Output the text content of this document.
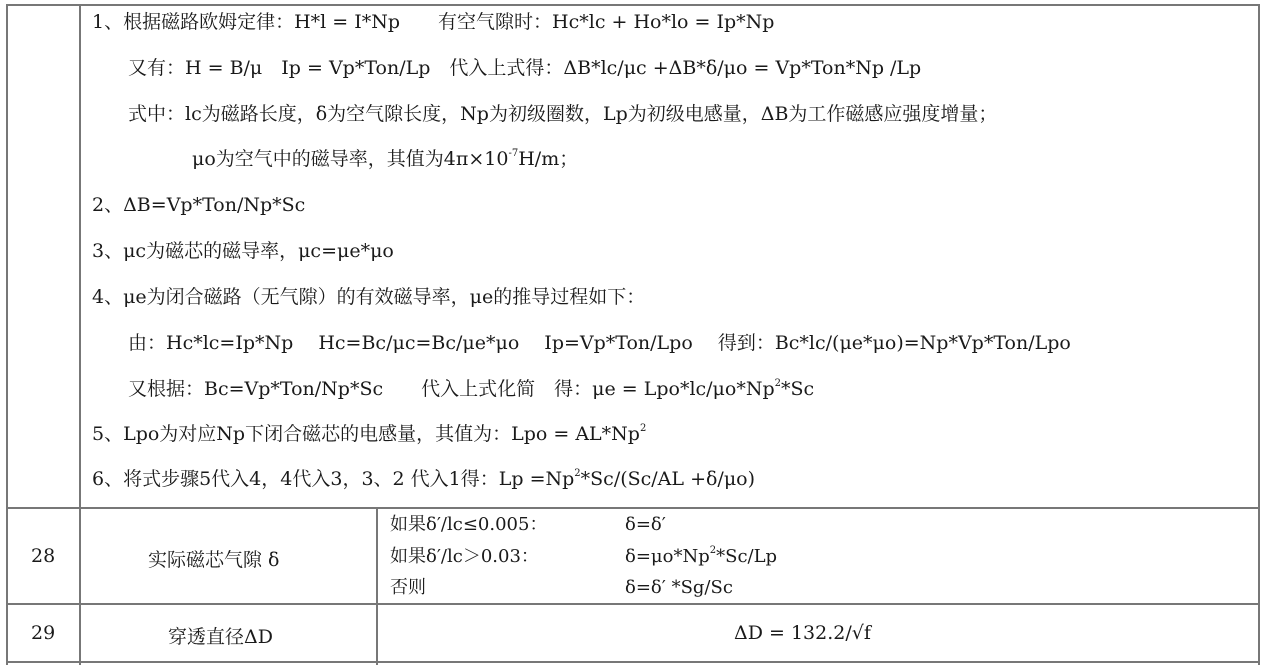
1、根据磁路欧姆定律：H*l = I*Np　　有空气隙时：Hc*lc + Ho*lo = Ip*Np
又有：H = B/μ　Ip = Vp*Ton/Lp　代入上式得：ΔB*lc/μc +ΔB*δ/μo = Vp*Ton*Np /Lp
式中：lc为磁路长度，δ为空气隙长度，Np为初级圈数，Lp为初级电感量，ΔB为工作磁感应强度增量；
μo为空气中的磁导率，其值为$4\pi\times 10^{-7}H/m$；
2、ΔB=Vp*Ton/Np*Sc
3、μc为磁芯的磁导率，μc=μe*μo
4、μe为闭合磁路（无气隙）的有效磁导率，μe的推导过程如下：
由：Hc*lc=Ip*Np　 Hc=Bc/μc=Bc/μe*μo　 Ip=Vp*Ton/Lpo　 得到：Bc*lc/(μe*μo)=Np*Vp*Ton/Lpo
又根据：Bc=Vp*Ton/Np*Sc　　代入上式化简　得：$\mu e = Lpo*lc/\mu o*Np^2*Sc$
5、Lpo为对应Np下闭合磁芯的电感量，其值为：Lpo = $AL*Np^2$
6、将式步骤5代入4，4代入3，3、2 代入1得：$Lp =Np^2*Sc/(Sc/AL +\delta/\mu o)$
28	实际磁芯气隙 δ
如果δ′/lc≤0.005：	δ=δ′
如果δ′/lc＞0.03：	$\delta=\mu o*Np^2*Sc/Lp$
否则	δ=δ′ *Sg/Sc
29	穿透直径ΔD	ΔD = 132.2/√f
